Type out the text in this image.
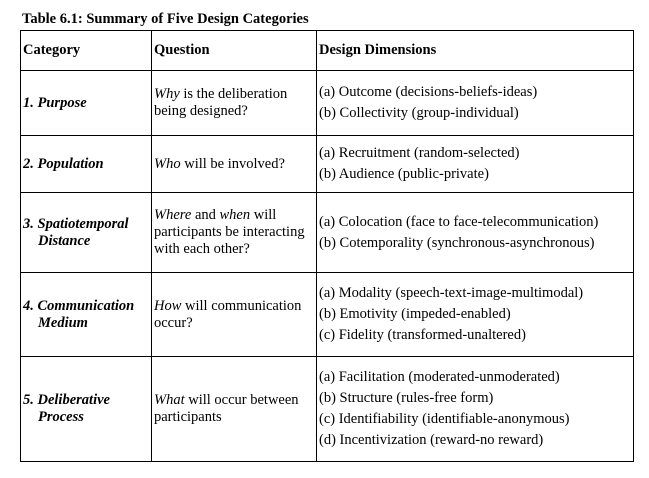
Table 6.1: Summary of Five Design Categories
Category	Question	Design Dimensions
1. Purpose	Why is the deliberation being designed?	(a) Outcome (decisions-beliefs-ideas)
(b) Collectivity (group-individual)

2. Population	Who will be involved?	(a) Recruitment (random-selected)
(b) Audience (public-private)

3. Spatiotemporal
Distance	Where and when will participants be interacting with each other?	(a) Colocation (face to face-telecommunication)
(b) Cotemporality (synchronous-asynchronous)

4. Communication
Medium	How will communication occur?	(a) Modality (speech-text-image-multimodal)
(b) Emotivity (impeded-enabled)
(c) Fidelity (transformed-unaltered)

5. Deliberative
Process	What will occur between participants	(a) Facilitation (moderated-unmoderated)
(b) Structure (rules-free form)
(c) Identifiability (identifiable-anonymous)
(d) Incentivization (reward-no reward)
